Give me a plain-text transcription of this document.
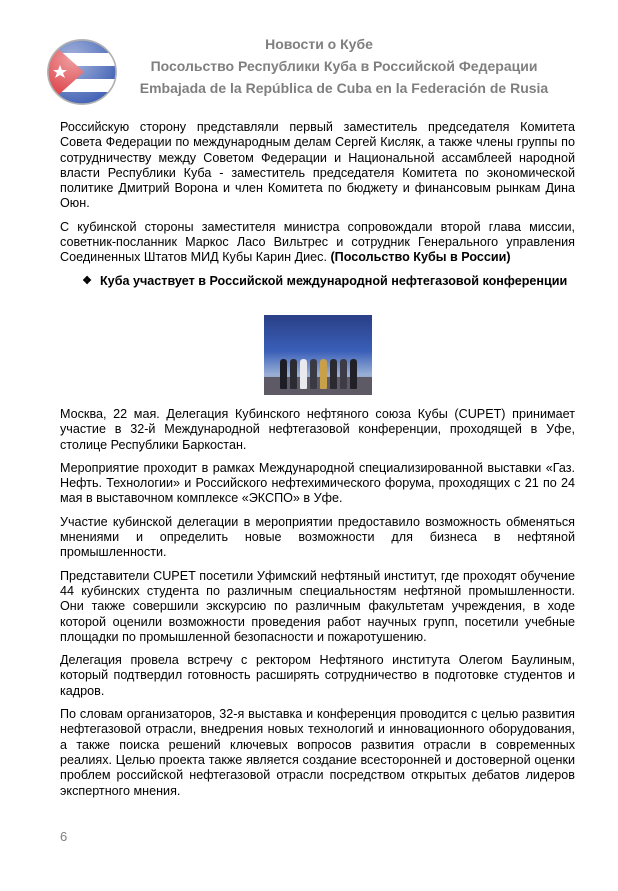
Новости о Кубе
Посольство Республики Куба в Российской Федерации
Embajada de la República de Cuba en la Federación de Rusia

Российскую сторону представляли первый заместитель председателя Комитета Совета Федерации по международным делам Сергей Кисляк, а также члены группы по сотрудничеству между Советом Федерации и Национальной ассамблеей народной власти Республики Куба - заместитель председателя Комитета по экономической политике Дмитрий Ворона и член Комитета по бюджету и финансовым рынкам Дина Оюн.

С кубинской стороны заместителя министра сопровождали второй глава миссии, советник-посланник Маркос Ласо Вильтрес и сотрудник Генерального управления Соединенных Штатов МИД Кубы Карин Диес. (Посольство Кубы в России)

❖ Куба участвует в Российской международной нефтегазовой конференции

Москва, 22 мая. Делегация Кубинского нефтяного союза Кубы (CUPET) принимает участие в 32-й Международной нефтегазовой конференции, проходящей в Уфе, столице Республики Баркостан.

Мероприятие проходит в рамках Международной специализированной выставки «Газ. Нефть. Технологии» и Российского нефтехимического форума, проходящих с 21 по 24 мая в выставочном комплексе «ЭКСПО» в Уфе.

Участие кубинской делегации в мероприятии предоставило возможность обменяться мнениями и определить новые возможности для бизнеса в нефтяной промышленности.

Представители CUPET посетили Уфимский нефтяный институт, где проходят обучение 44 кубинских студента по различным специальностям нефтяной промышленности. Они также совершили экскурсию по различным факультетам учреждения, в ходе которой оценили возможности проведения работ научных групп, посетили учебные площадки по промышленной безопасности и пожаротушению.

Делегация провела встречу с ректором Нефтяного института Олегом Баулиным, который подтвердил готовность расширять сотрудничество в подготовке студентов и кадров.

По словам организаторов, 32-я выставка и конференция проводится с целью развития нефтегазовой отрасли, внедрения новых технологий и инновационного оборудования, а также поиска решений ключевых вопросов развития отрасли в современных реалиях. Целью проекта также является создание всесторонней и достоверной оценки проблем российской нефтегазовой отрасли посредством открытых дебатов лидеров экспертного мнения.

6
